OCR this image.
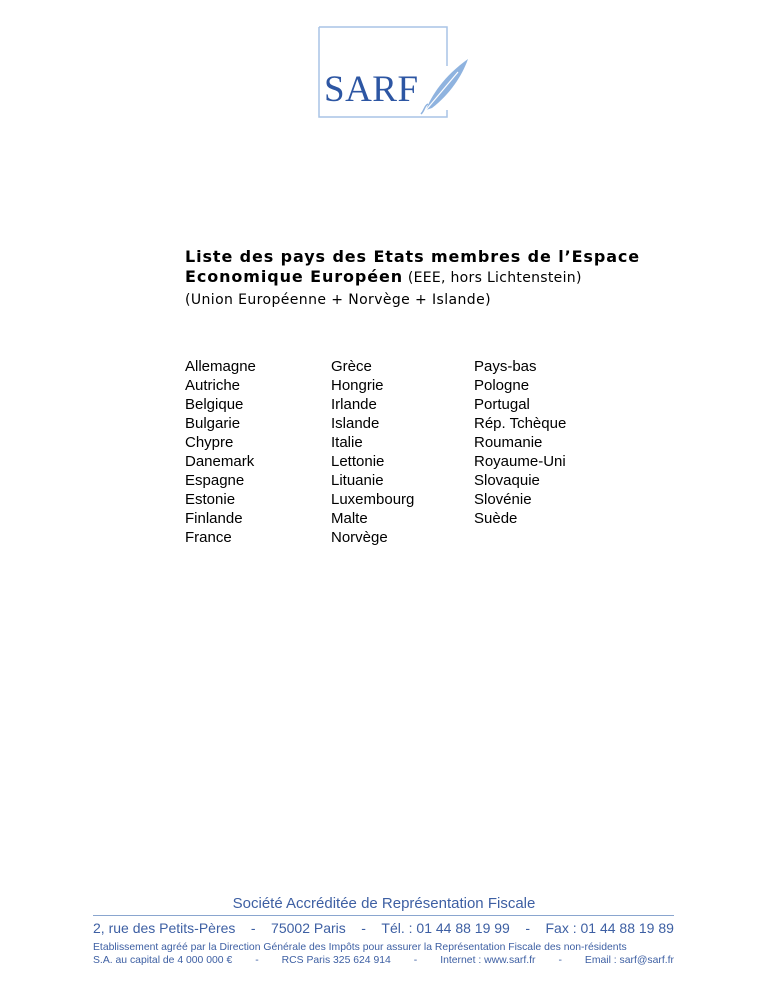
SARF
Liste des pays des Etats membres de l’Espace
Economique Européen (EEE, hors Lichtenstein)
(Union Européenne + Norvège + Islande)
Allemagne
Autriche
Belgique
Bulgarie
Chypre
Danemark
Espagne
Estonie
Finlande
France
Grèce
Hongrie
Irlande
Islande
Italie
Lettonie
Lituanie
Luxembourg
Malte
Norvège
Pays-bas
Pologne
Portugal
Rép. Tchèque
Roumanie
Royaume-Uni
Slovaquie
Slovénie
Suède
Société Accréditée de Représentation Fiscale
2, rue des Petits-Pères - 75002 Paris - Tél. : 01 44 88 19 99 - Fax : 01 44 88 19 89
Etablissement agréé par la Direction Générale des Impôts pour assurer la Représentation Fiscale des non-résidents
S.A. au capital de 4 000 000 € - RCS Paris 325 624 914 - Internet : www.sarf.fr - Email : sarf@sarf.fr
